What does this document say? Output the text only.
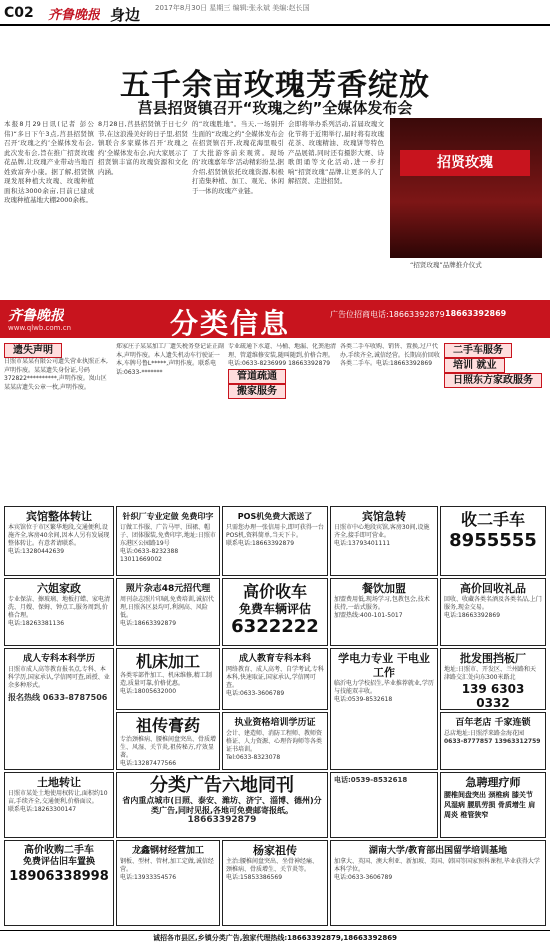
C02 齐鲁晚报 身边 2017年8月30日 星期三 编辑:张永斌 美编:赵长国
五千余亩玫瑰芳香绽放
莒县招贤镇召开“玫瑰之约”全媒体发布会
本报8月29日讯(记者 彭公伟)“多日下午3点,莒县招贤镇召开‘玫瑰之约’全媒体发布会,此次发布会,旨在推广招贤玫瑰花品牌,让玫瑰产业带动当地百姓致富奔小康。据了解,招贤镇现发展种植大玫瑰、玫瑰种植面积达3000余亩,目前已建成玫瑰种植基地大棚2000余栋。
8月28日,莒县招贤镇于日七夕节,在这浪漫美好的日子里,招贤镇联合多家媒体召开‘玫瑰之约’全媒体发布会,向大家展示了招贤镇丰富的玫瑰资源和文化内涵。
的“玫瑰胜地”。当天,一场别开生面的“玫瑰之约”全媒体发布会在招贤镇召开,玫瑰花海里吸引了大批游客前来观赏。现场的‘玫瑰嘉年华’活动精彩纷呈,据介绍,招贤镇依托玫瑰资源,积极打造集种植、加工、观光、休闲于一体的玫瑰产业链。
会即将举办系列活动,首届玫瑰文化节将于近期举行,届时将有玫瑰花茶、玫瑰精油、玫瑰饼等特色产品展销,同时还有摄影大赛、诗歌朗诵等文化活动,进一步打响“招贤玫瑰”品牌,让更多的人了解招贤、走进招贤。
招贤玫瑰
“招贤玫瑰”品牌推介仪式
齐鲁晚报
www.qlwb.com.cn	分类信息	广告位招商电话:18663392879 18663392869
遗失声明
日照市某某有限公司遗失营业执照正本,声明作废。某某遗失身份证,号码372822**********,声明作废。岚山区某某店遗失公章一枚,声明作废。
郑家庄子某某加工厂遗失税务登记证正副本,声明作废。本人遗失机动车行驶证一本,车牌号鲁L*****,声明作废。联系电话:0633-*******
专业疏通下水道、马桶、地漏、化粪池清理、管道维修安装,随叫随到,价格合理。电话:0633-8236999 18663392879
管道疏通 搬家服务
各类二手车收购、销售、置换,过户代办,手续齐全,诚信经营。长期高价回收各类二手车。电话:18663392869
二手车服务 培训 就业 日照东方家政服务
宾馆整体转让

本宾馆位于市区繁华地段,交通便利,设施齐全,客房40余间,因本人另有发展现整体转让。有意者请联系。

电话:13280442639

针织厂专业定做 免费印字

订做工作服、广告马甲、围裙、帽子、团体服装,免费印字,地址:日照市东港区公园路19号

电话:0633-8232388 13011669002

POS机免费大派送了

只需您办理一张信用卡,即可获得一台POS机,资料简单,当天下卡。

联系电话:18663392879

宾馆急转

日照市中心地段宾馆,客房30间,设施齐全,接手即可营业。

电话:13793401111

收二手车

8955555

六姐家政

专业保洁、擦玻璃、地板打蜡、家电清洗、月嫂、保姆、钟点工,服务周到,价格合理。

电话:18263381136

照片杂志48元招代理

周刊杂志照片印刷,免费培训,诚招代理,日照各区县均可,利润高、风险低。

电话:18663392879

高价收车

免费车辆评估

6322222

餐饮加盟

加盟费用低,现场学习,包教包会,技术扶持,一站式服务。

加盟热线:400-101-5017

高价回收礼品

回收、收藏各类名酒及各类名品,上门服务,现金交易。

电话:18663392869

成人专科本科学历

日照市成人高等教育报名点,专科、本科学历,国家承认,学信网可查,函授、业余多种形式。

报名热线 0633-8787506

机床加工

各类零部件加工、机床维修,精工制造,质量可靠,价格优惠。

电话:18005632000

成人教育专科本科

网络教育、成人高考、自学考试,专科本科,快速取证,国家承认,学信网可查。

电话:0633-3606789

学电力专业 干电业工作

临沂电力学校招生,毕业推荐就业,学历与技能双丰收。

电话:0539-8532618

批发围挡板厂

地址:日照市、开发区、兰州路和天津路交汇处向东300米路北

139 6303 0332

祖传膏药

专治颈椎病、腰椎间盘突出、骨质增生、风湿、关节炎,祖传秘方,疗效显著。

电话:13287477566

执业资格培训学历证

会计、建造师、消防工程师、教师资格证、人力资源、心理咨询师等各类证书培训。

Tel:0633-8323078

百年老店 千家连锁

总店地址:日照浮来路金海花园

0633-8777857 13963312759

土地转让

日照市某处土地使用权转让,面积约10亩,手续齐全,交通便利,价格面议。

联系电话:18263300147

分类广告六地同刊

省内重点城市(日照、泰安、潍坊、济宁、淄博、德州)分类广告,同时见报,各地可免费邮寄报纸。

18663392879

电话:0539-8532618	急聘理疗师

腰椎间盘突出 颈椎病 膝关节 风湿病 腰肌劳损 骨质增生 肩周炎 椎管狭窄

高价收购二手车

免费评估旧车置换

18906338998

龙鑫钢材经营加工

钢板、型材、管材,加工定做,诚信经营。

电话:13933354576

杨家祖传

主治:腰椎间盘突出、坐骨神经痛、颈椎病、骨质增生、关节炎等。

电话:15853386569

湖南大学/教育部出国留学培训基地

加拿大、英国、澳大利亚、新加坡、美国、韩国等国家预科课程,毕业获得大学本科学位。

电话:0633-3606789

诚招各市县区,乡镇分类广告,独家代理热线:18663392879,18663392869
